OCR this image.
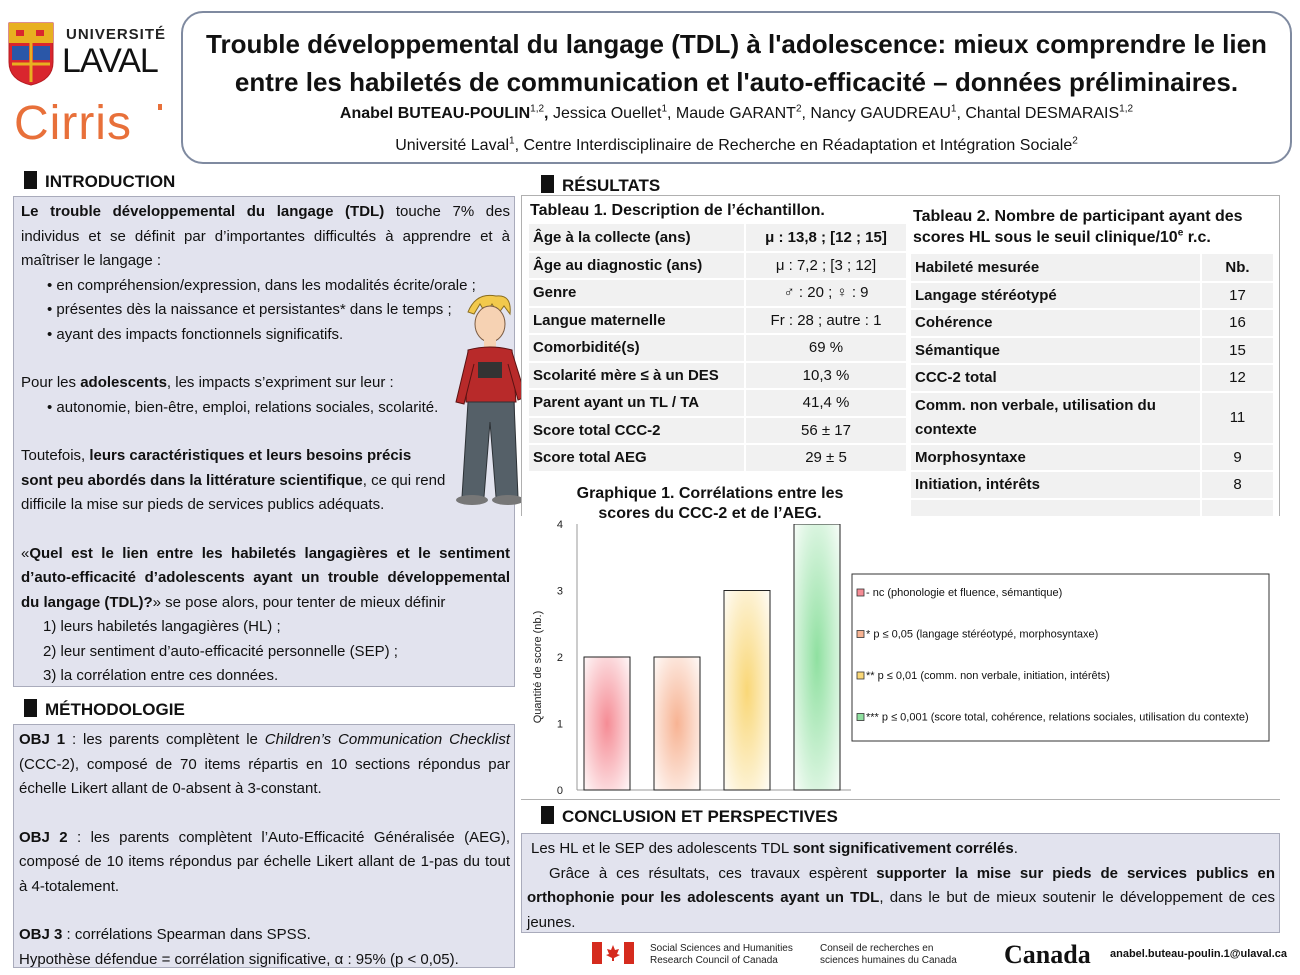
UNIVERSITÉ
LAVAL
Cirris
Trouble développemental du langage (TDL) à l'adolescence: mieux comprendre le lien
entre les habiletés de communication et l'auto-efficacité – données préliminaires.
Anabel BUTEAU-POULIN$^{1,2}$, Jessica Ouellet$^1$, Maude GARANT$^2$, Nancy GAUDREAU$^1$, Chantal DESMARAIS$^{1,2}$
Université Laval$^1$, Centre Interdisciplinaire de Recherche en Réadaptation et Intégration Sociale$^2$
INTRODUCTION
Le trouble développemental du langage (TDL) touche 7% des individus et se définit par d’importantes difficultés à apprendre et à maîtriser le langage :
• en compréhension/expression, dans les modalités écrite/orale ;
• présentes dès la naissance et persistantes* dans le temps ;
• ayant des impacts fonctionnels significatifs.
Pour les adolescents, les impacts s’expriment sur leur :
• autonomie, bien-être, emploi, relations sociales, scolarité.
Toutefois, leurs caractéristiques et leurs besoins précis sont peu abordés dans la littérature scientifique, ce qui rend difficile la mise sur pieds de services publics adéquats.
«Quel est le lien entre les habiletés langagières et le sentiment d’auto-efficacité d’adolescents ayant un trouble développemental du langage (TDL)?» se pose alors, pour tenter de mieux définir
1) leurs habiletés langagières (HL) ;
2) leur sentiment d’auto-efficacité personnelle (SEP) ;
3) la corrélation entre ces données.
MÉTHODOLOGIE
OBJ 1 : les parents complètent le Children’s Communication Checklist (CCC-2), composé de 70 items répartis en 10 sections répondus par échelle Likert allant de 0-absent à 3-constant.
OBJ 2 : les parents complètent l’Auto-Efficacité Généralisée (AEG), composé de 10 items répondus par échelle Likert allant de 1-pas du tout à 4-totalement.
OBJ 3 : corrélations Spearman dans SPSS.
Hypothèse défendue = corrélation significative, α : 95% (p < 0,05).
RÉSULTATS
Tableau 1. Description de l’échantillon.
Âge à la collecte (ans)	μ : 13,8 ; [12 ; 15]
Âge au diagnostic (ans)	μ : 7,2 ; [3 ; 12]
Genre	♂ : 20 ; ♀ : 9
Langue maternelle	Fr : 28 ; autre : 1
Comorbidité(s)	69 %
Scolarité mère ≤ à un DES	10,3 %
Parent ayant un TL / TA	41,4 %
Score total CCC-2	56 ± 17
Score total AEG	29 ± 5
Tableau 2. Nombre de participant ayant des
scores HL sous le seuil clinique/10e r.c.
Habileté mesurée	Nb.
Langage stéréotypé	17
Cohérence	16
Sémantique	15
CCC-2 total	12
Comm. non verbale, utilisation du contexte	11
Morphosyntaxe	9
Initiation, intérêts	8

0
1
2
3
4
Quantité de score (nb.)
- nc (phonologie et fluence, sémantique)
* p ≤ 0,05 (langage stéréotypé, morphosyntaxe)
** p ≤ 0,01 (comm. non verbale, initiation, intérêts)
*** p ≤ 0,001 (score total, cohérence, relations sociales, utilisation du contexte)
Graphique 1. Corrélations entre les scores du CCC-2 et de l’AEG.
CONCLUSION ET PERSPECTIVES
Les HL et le SEP des adolescents TDL sont significativement corrélés.
Grâce à ces résultats, ces travaux espèrent supporter la mise sur pieds de services publics en orthophonie pour les adolescents ayant un TDL, dans le but de mieux soutenir le développement de ces jeunes.
Social Sciences and Humanities
Research Council of Canada
Conseil de recherches en
sciences humaines du Canada Canada anabel.buteau-poulin.1@ulaval.ca
